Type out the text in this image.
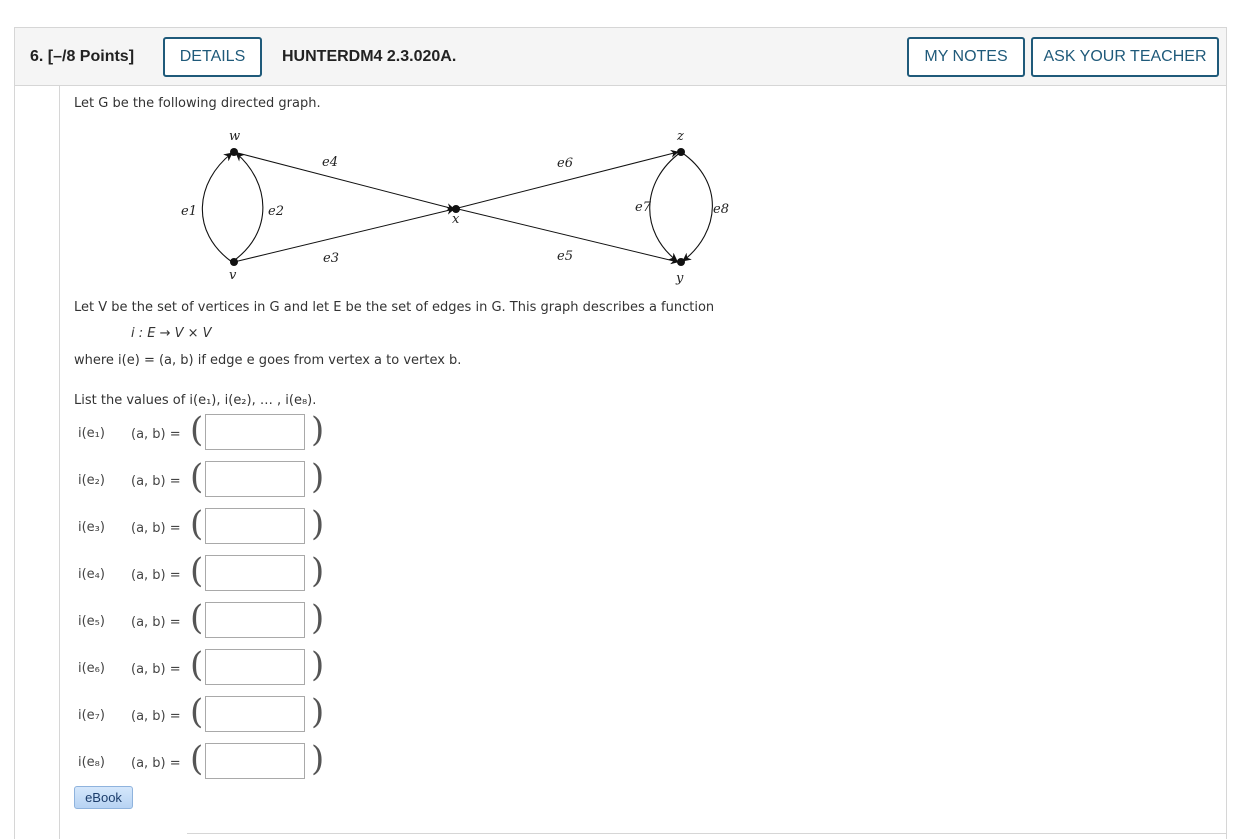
6. [–/8 Points]	DETAILS	HUNTERDM4 2.3.020A.	MY NOTES	ASK YOUR TEACHER
Let G be the following directed graph.
w
v
x
z
y
e1	e2
e3
e4
e5
e6
e7	e8
Let V be the set of vertices in G and let E be the set of edges in G. This graph describes a function
i : E → V × V
where i(e) = (a, b) if edge e goes from vertex a to vertex b.
List the values of i(e₁), i(e₂), … , i(e₈).
i(e₁) (a, b) = (	)
i(e₂) (a, b) = (	)
i(e₃) (a, b) = (	)
i(e₄) (a, b) = (	)
i(e₅) (a, b) = (	)
i(e₆) (a, b) = (	)
i(e₇) (a, b) = (	)
i(e₈) (a, b) = (	)
eBook
